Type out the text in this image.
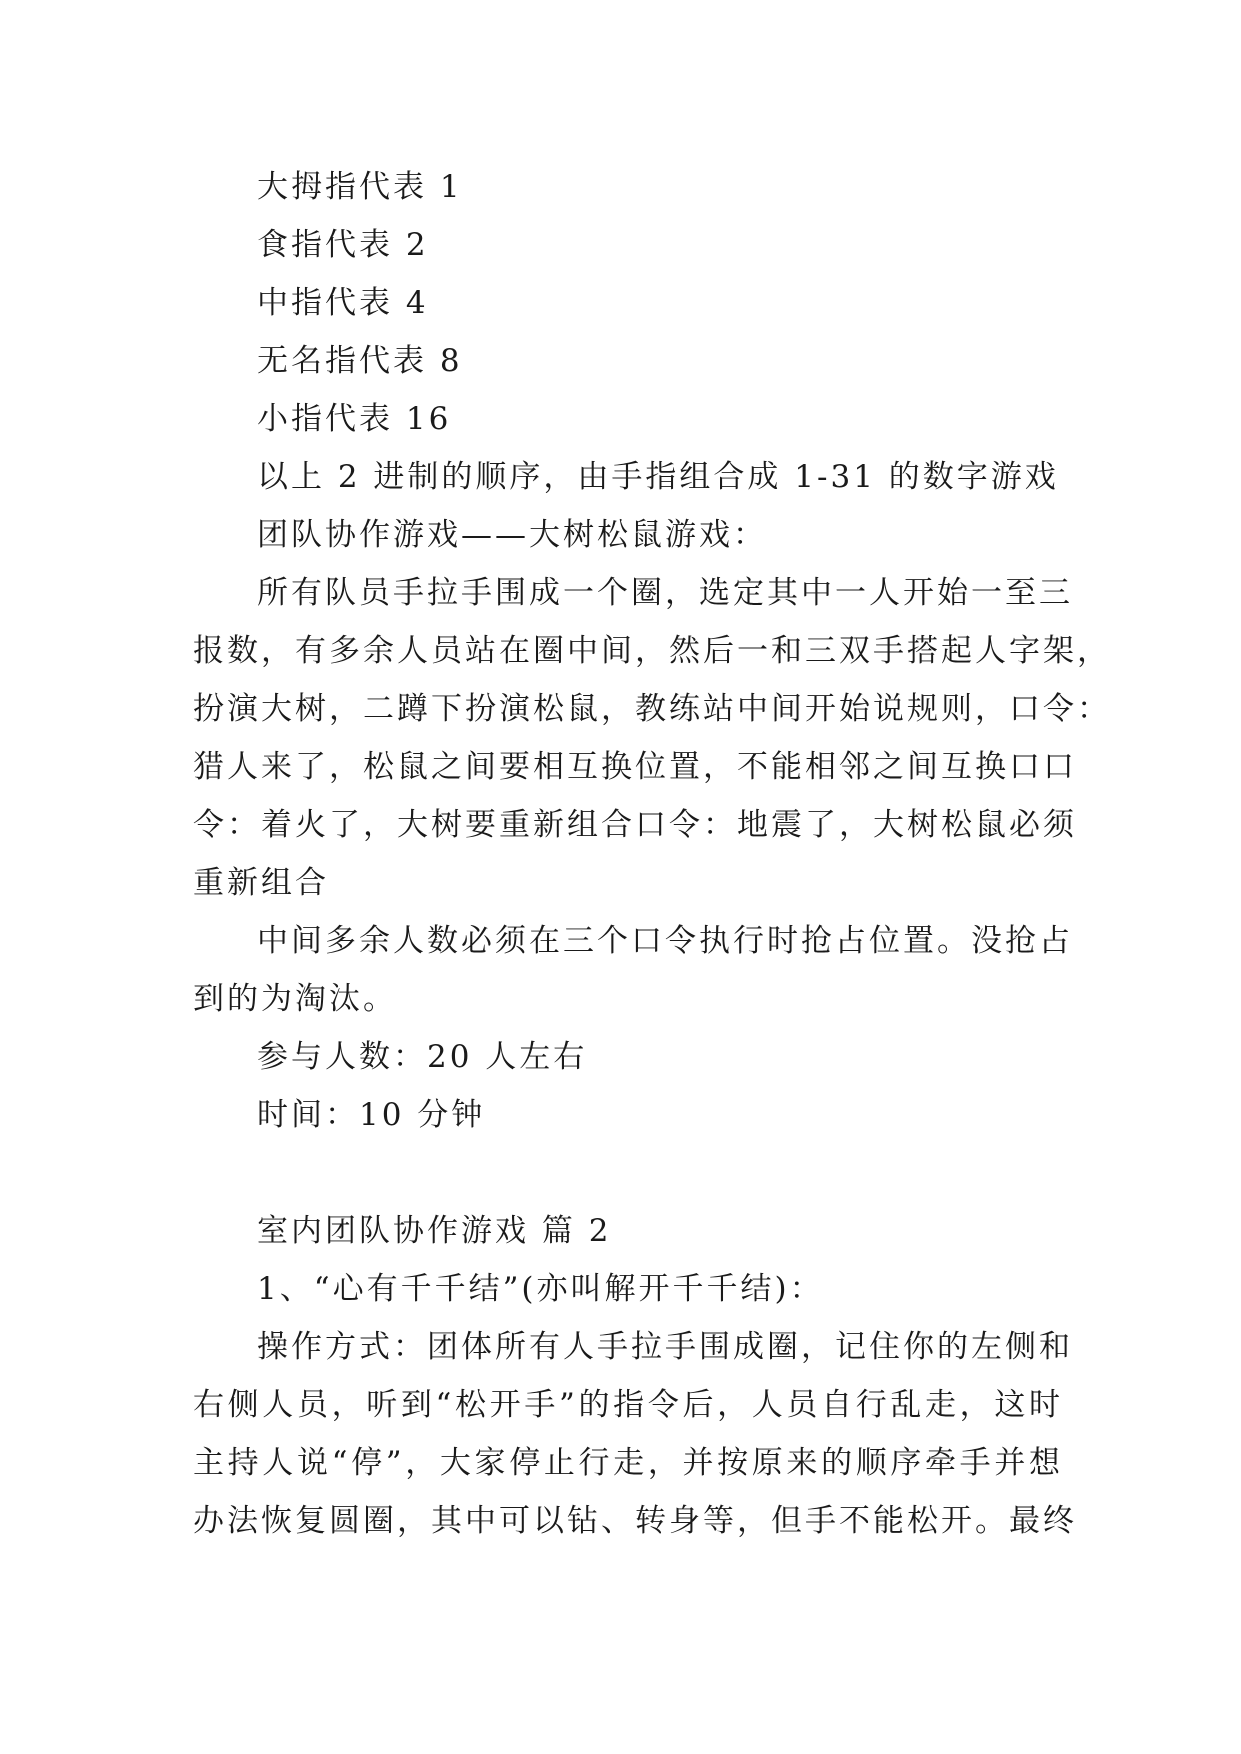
大拇指代表 1
食指代表 2
中指代表 4
无名指代表 8
小指代表 16
以上 2 进制的顺序，由手指组合成 1-31 的数字游戏
团队协作游戏——大树松鼠游戏：
所有队员手拉手围成一个圈，选定其中一人开始一至三
报数，有多余人员站在圈中间，然后一和三双手搭起人字架，
扮演大树，二蹲下扮演松鼠，教练站中间开始说规则，口令：
猎人来了，松鼠之间要相互换位置，不能相邻之间互换口口
令：着火了，大树要重新组合口令：地震了，大树松鼠必须
重新组合
中间多余人数必须在三个口令执行时抢占位置。没抢占
到的为淘汰。
参与人数：20 人左右
时间：10 分钟
室内团队协作游戏 篇 2
1、“心有千千结”(亦叫解开千千结)：
操作方式：团体所有人手拉手围成圈，记住你的左侧和
右侧人员，听到“松开手”的指令后，人员自行乱走，这时
主持人说“停”，大家停止行走，并按原来的顺序牵手并想
办法恢复圆圈，其中可以钻、转身等，但手不能松开。最终
